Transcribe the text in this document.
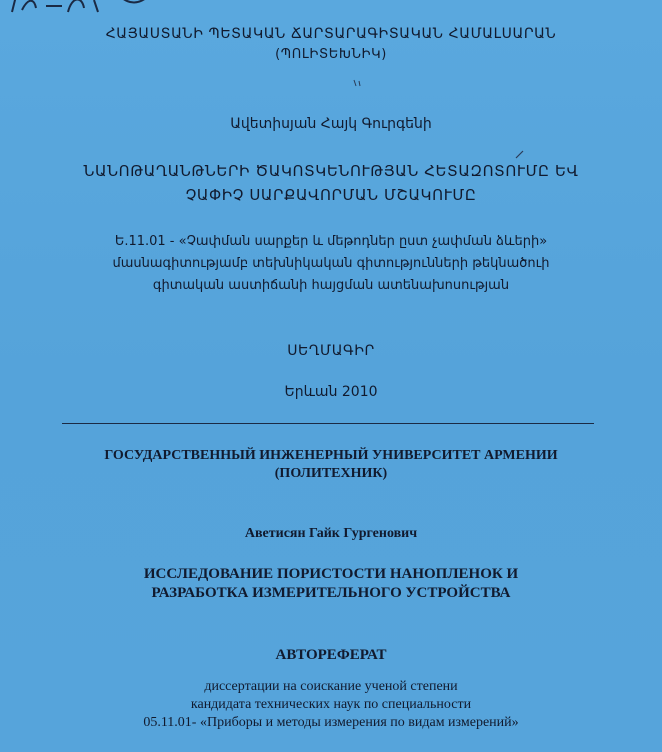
ՀԱՅԱՍՏԱՆԻ ՊԵՏԱԿԱՆ ՃԱՐՏԱՐԱԳԻՏԱԿԱՆ ՀԱՄԱԼՍԱՐԱՆ
(ՊՈԼԻՏԵԽՆԻԿ)
Ավետիսյան Հայկ Գուրգենի
ՆԱՆՈԹԱՂԱՆԹՆԵՐԻ ԾԱԿՈՏԿԵՆՈՒԹՅԱՆ ՀԵՏԱԶՈՏՈՒՄԸ ԵՎ
ՉԱՓԻՉ ՍԱՐՔԱՎՈՐՄԱՆ ՄՇԱԿՈՒՄԸ
Ե.11.01 - «Չափման սարքեր և մեթոդներ ըստ չափման ձևերի»
մասնագիտությամբ տեխնիկական գիտությունների թեկնածուի
գիտական աստիճանի հայցման ատենախոսության
ՍԵՂՄԱԳԻՐ
Երևան 2010
ГОСУДАРСТВЕННЫЙ ИНЖЕНЕРНЫЙ УНИВЕРСИТЕТ АРМЕНИИ
(ПОЛИТЕХНИК)
Аветисян Гайк Гургенович
ИССЛЕДОВАНИЕ ПОРИСТОСТИ НАНОПЛЕНОК И
РАЗРАБОТКА ИЗМЕРИТЕЛЬНОГО УСТРОЙСТВА
АВТОРЕФЕРАТ
диссертации на соискание ученой степени
кандидата технических наук по специальности
05.11.01- «Приборы и методы измерения по видам измерений»
